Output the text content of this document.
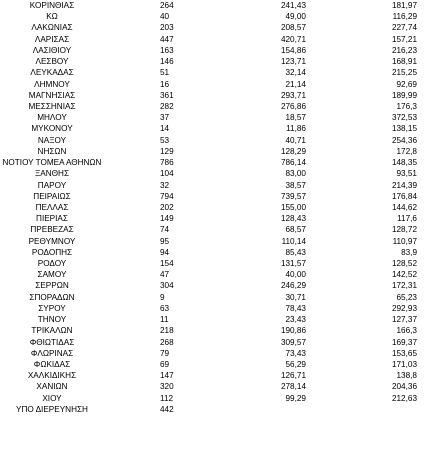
ΚΟΡΙΝΘΙΑΣ	264	241,43	181,97
ΚΩ	40	49,00	116,29
ΛΑΚΩΝΙΑΣ	203	208,57	227,74
ΛΑΡΙΣΑΣ	447	420,71	157,21
ΛΑΣΙΘΙΟΥ	163	154,86	216,23
ΛΕΣΒΟΥ	146	123,71	168,91
ΛΕΥΚΑΔΑΣ	51	32,14	215,25
ΛΗΜΝΟΥ	16	21,14	92,69
ΜΑΓΝΗΣΙΑΣ	361	293,71	189,99
ΜΕΣΣΗΝΙΑΣ	282	276,86	176,3
ΜΗΛΟΥ	37	18,57	372,53
ΜΥΚΟΝΟΥ	14	11,86	138,15
ΝΑΞΟΥ	53	40,71	254,36
ΝΗΣΩΝ	129	128,29	172,8
ΝΟΤΙΟΥ ΤΟΜΕΑ ΑΘΗΝΩΝ	786	786,14	148,35
ΞΑΝΘΗΣ	104	83,00	93,51
ΠΑΡΟΥ	32	38,57	214,39
ΠΕΙΡΑΙΩΣ	794	739,57	176,84
ΠΕΛΛΑΣ	202	155,00	144,62
ΠΙΕΡΙΑΣ	149	128,43	117,6
ΠΡΕΒΕΖΑΣ	74	68,57	128,72
ΡΕΘΥΜΝΟΥ	95	110,14	110,97
ΡΟΔΟΠΗΣ	94	85,43	83,9
ΡΟΔΟΥ	154	131,57	128,52
ΣΑΜΟΥ	47	40,00	142,52
ΣΕΡΡΩΝ	304	246,29	172,31
ΣΠΟΡΑΔΩΝ	9	30,71	65,23
ΣΥΡΟΥ	63	78,43	292,93
ΤΗΝΟΥ	11	23,43	127,37
ΤΡΙΚΑΛΩΝ	218	190,86	166,3
ΦΘΙΩΤΙΔΑΣ	268	309,57	169,37
ΦΛΩΡΙΝΑΣ	79	73,43	153,65
ΦΩΚΙΔΑΣ	69	56,29	171,03
ΧΑΛΚΙΔΙΚΗΣ	147	126,71	138,8
ΧΑΝΙΩΝ	320	278,14	204,36
ΧΙΟΥ	112	99,29	212,63
ΥΠΟ ΔΙΕΡΕΥΝΗΣΗ	442
